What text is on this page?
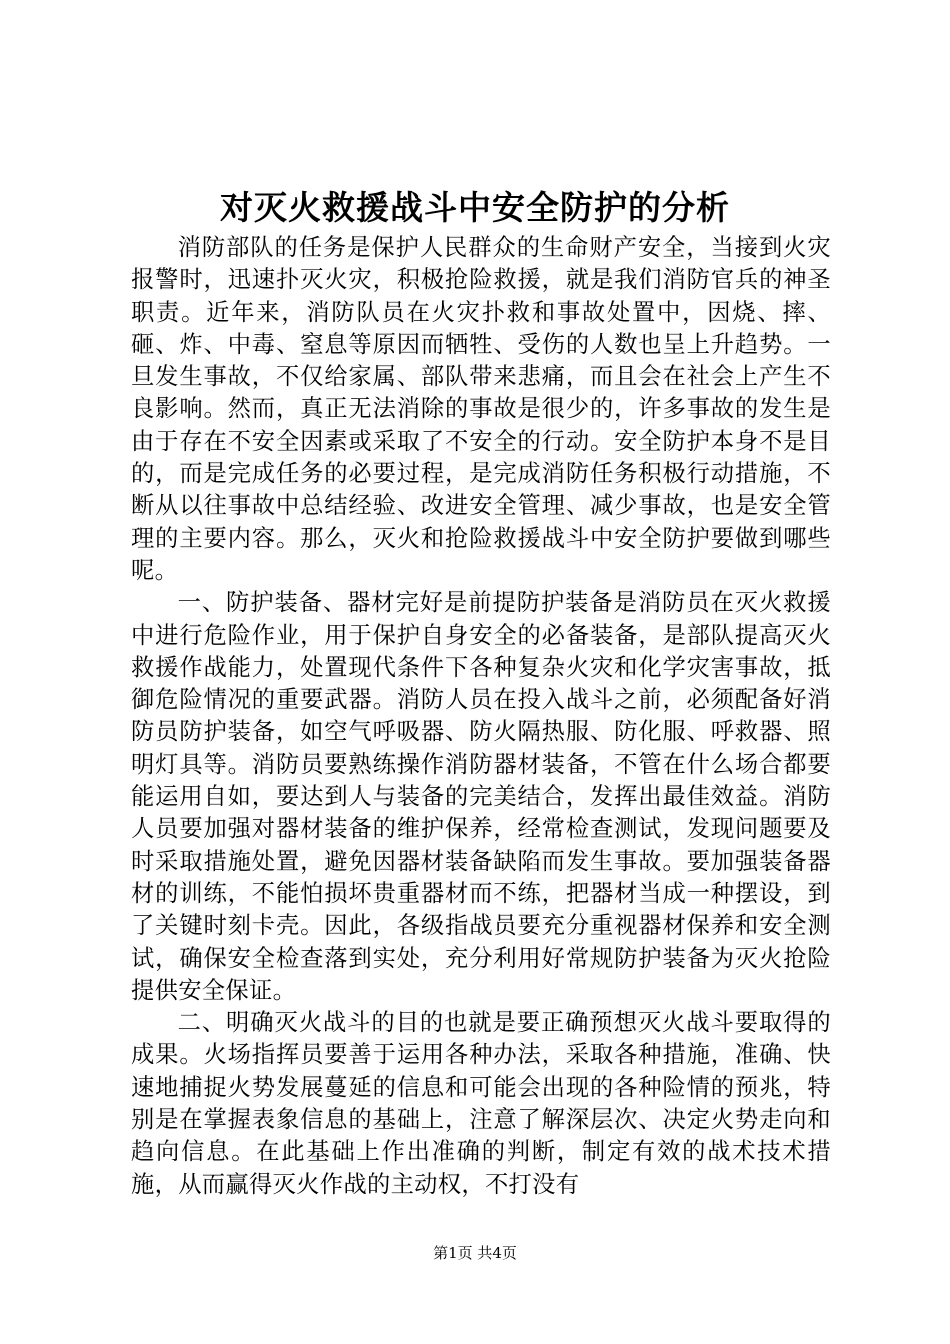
对灭火救援战斗中安全防护的分析

消防部队的任务是保护人民群众的生命财产安全，当接到火灾报警时，迅速扑灭火灾，积极抢险救援，就是我们消防官兵的神圣职责。近年来，消防队员在火灾扑救和事故处置中，因烧、摔、砸、炸、中毒、窒息等原因而牺牲、受伤的人数也呈上升趋势。一旦发生事故，不仅给家属、部队带来悲痛，而且会在社会上产生不良影响。然而，真正无法消除的事故是很少的，许多事故的发生是由于存在不安全因素或采取了不安全的行动。安全防护本身不是目的，而是完成任务的必要过程，是完成消防任务积极行动措施，不断从以往事故中总结经验、改进安全管理、减少事故，也是安全管理的主要内容。那么，灭火和抢险救援战斗中安全防护要做到哪些呢。

一、防护装备、器材完好是前提防护装备是消防员在灭火救援中进行危险作业，用于保护自身安全的必备装备，是部队提高灭火救援作战能力，处置现代条件下各种复杂火灾和化学灾害事故，抵御危险情况的重要武器。消防人员在投入战斗之前，必须配备好消防员防护装备，如空气呼吸器、防火隔热服、防化服、呼救器、照明灯具等。消防员要熟练操作消防器材装备，不管在什么场合都要能运用自如，要达到人与装备的完美结合，发挥出最佳效益。消防人员要加强对器材装备的维护保养，经常检查测试，发现问题要及时采取措施处置，避免因器材装备缺陷而发生事故。要加强装备器材的训练，不能怕损坏贵重器材而不练，把器材当成一种摆设，到了关键时刻卡壳。因此，各级指战员要充分重视器材保养和安全测试，确保安全检查落到实处，充分利用好常规防护装备为灭火抢险提供安全保证。

二、明确灭火战斗的目的也就是要正确预想灭火战斗要取得的成果。火场指挥员要善于运用各种办法，采取各种措施，准确、快速地捕捉火势发展蔓延的信息和可能会出现的各种险情的预兆，特别是在掌握表象信息的基础上，注意了解深层次、决定火势走向和趋向信息。在此基础上作出准确的判断，制定有效的战术技术措施，从而赢得灭火作战的主动权，不打没有

第1页 共4页
